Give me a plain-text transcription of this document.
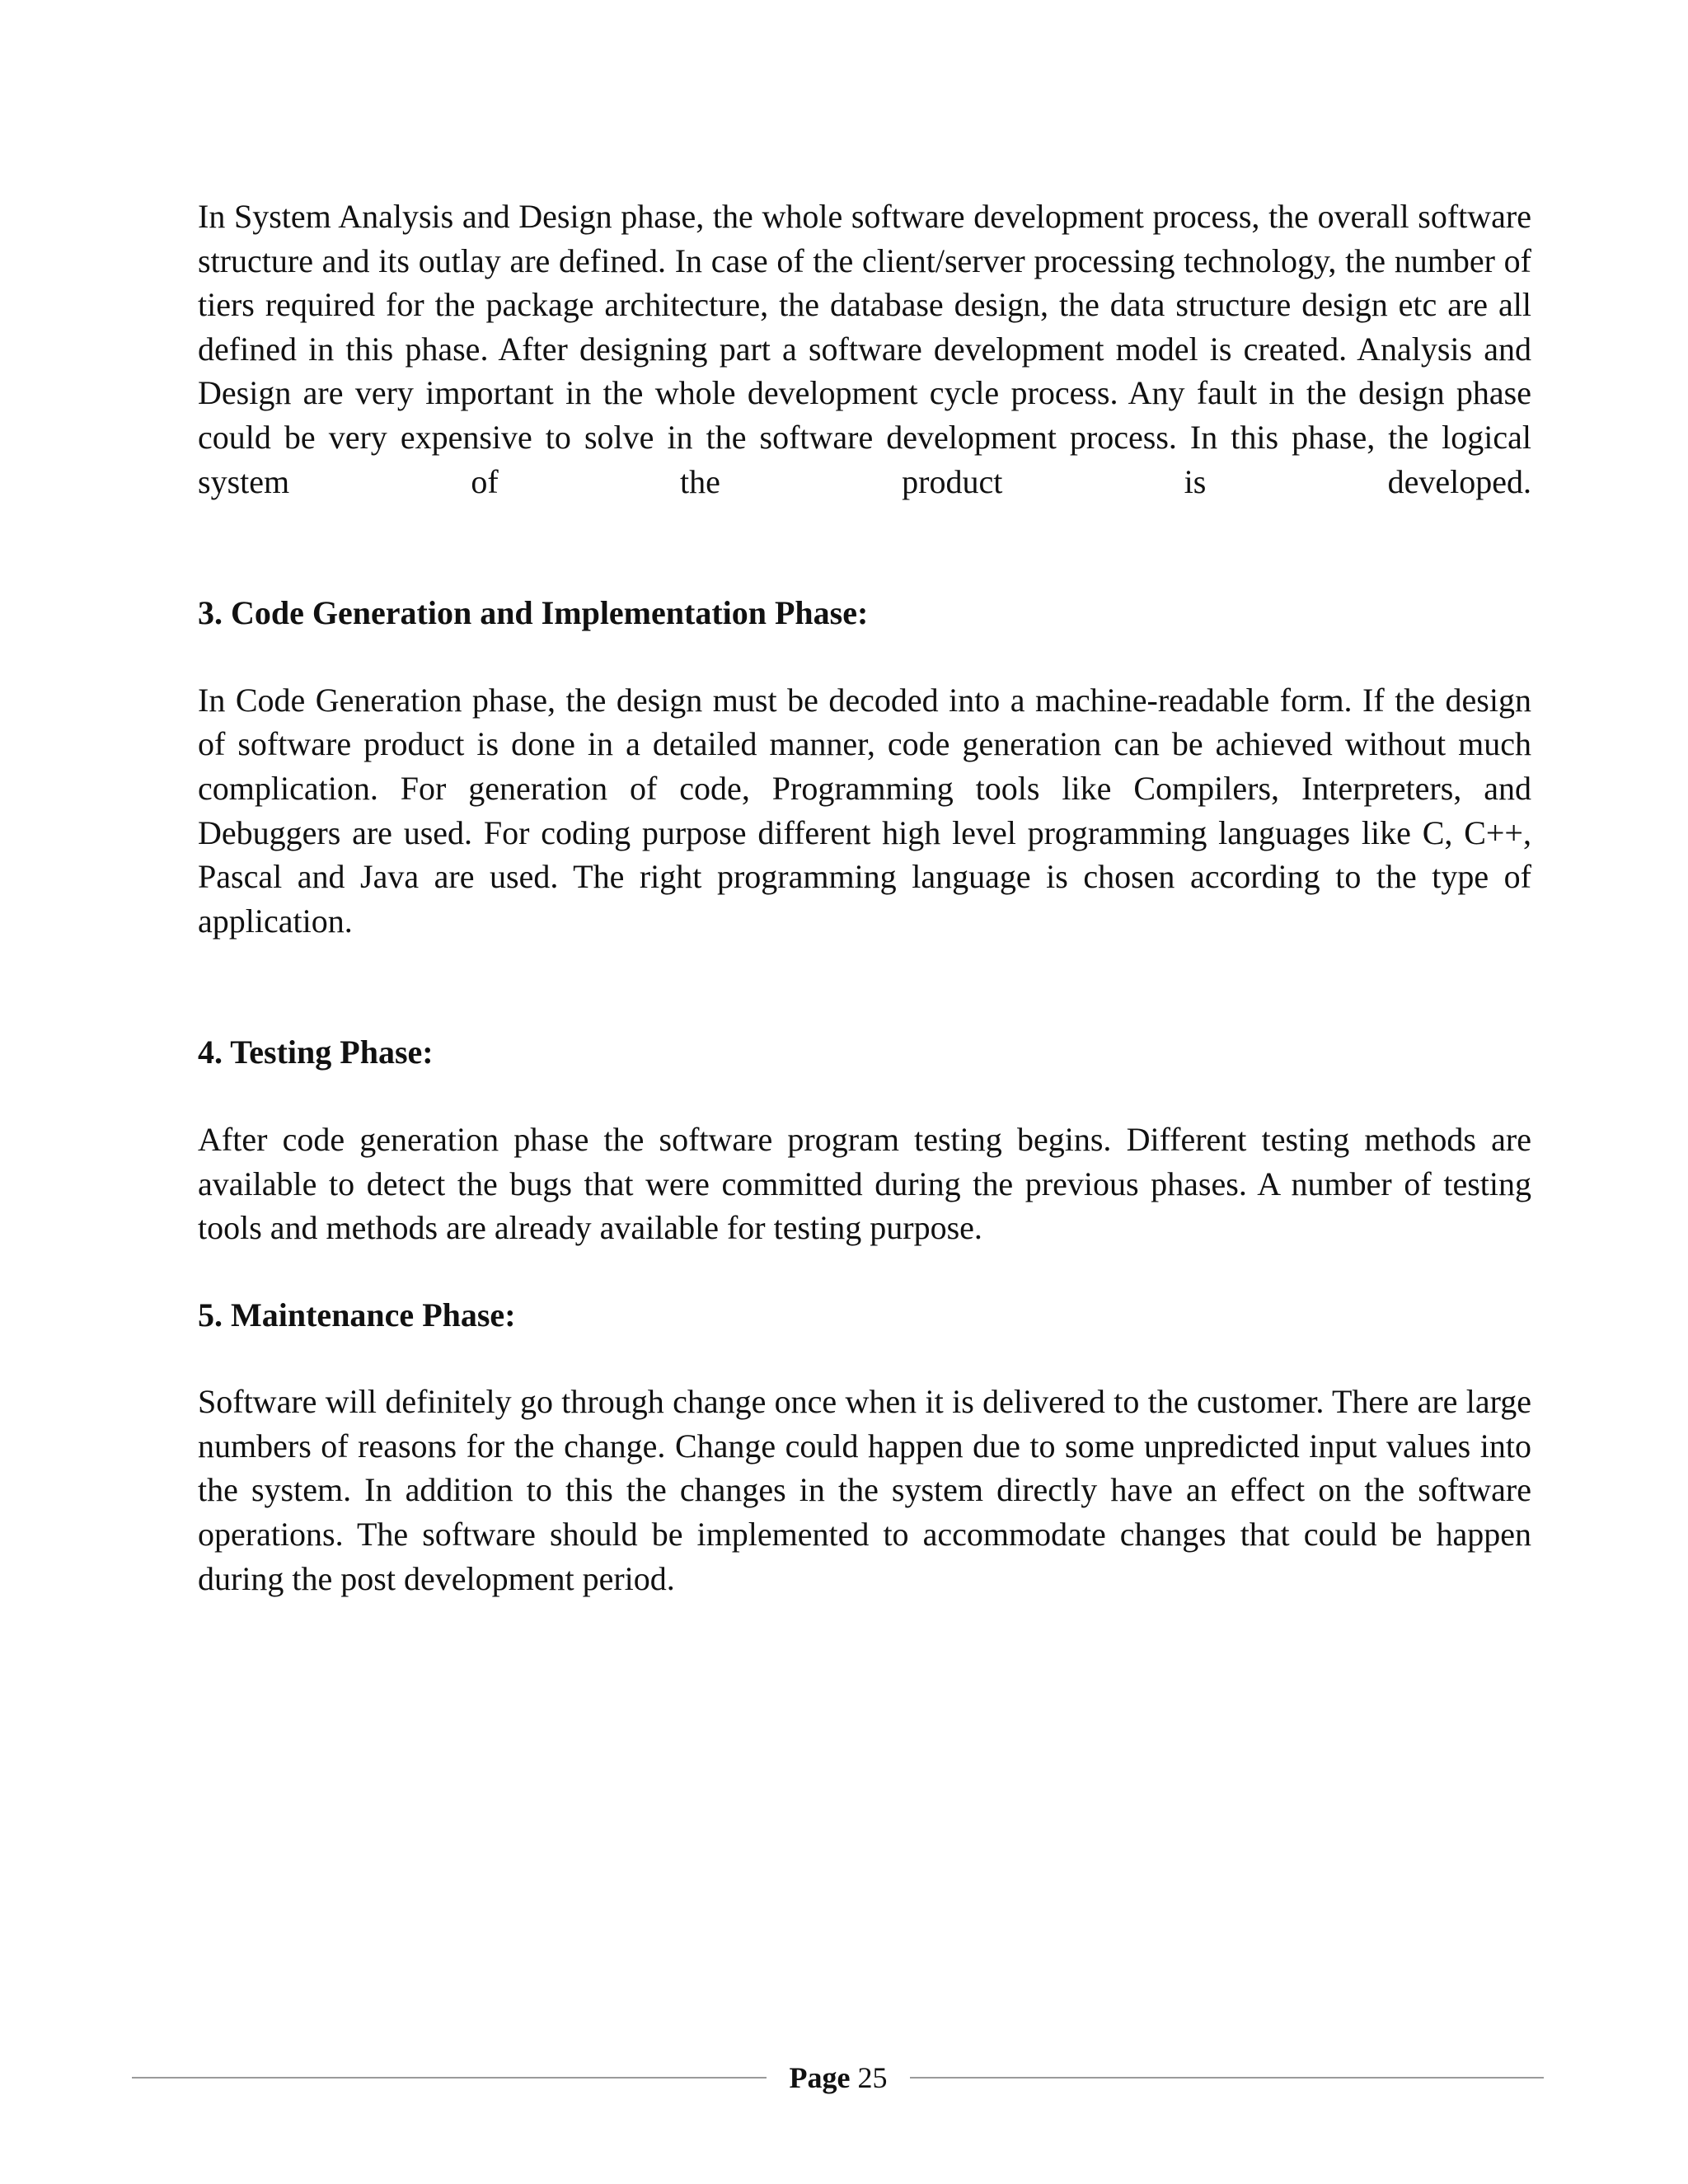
In System Analysis and Design phase, the whole software development process, the overall software structure and its outlay are defined. In case of the client/server processing technology, the number of tiers required for the package architecture, the database design, the data structure design etc are all defined in this phase. After designing part a software development model is created. Analysis and Design are very important in the whole development cycle process. Any fault in the design phase could be very expensive to solve in the software development process. In this phase, the logical system of the product is developed.

3. Code Generation and Implementation Phase:

In Code Generation phase, the design must be decoded into a machine-readable form. If the design of software product is done in a detailed manner, code generation can be achieved without much complication. For generation of code, Programming tools like Compilers, Interpreters, and Debuggers are used. For coding purpose different high level programming languages like C, C++, Pascal and Java are used. The right programming language is chosen according to the type of application.

4. Testing Phase:

After code generation phase the software program testing begins. Different testing methods are available to detect the bugs that were committed during the previous phases. A number of testing tools and methods are already available for testing purpose.

5. Maintenance Phase:

Software will definitely go through change once when it is delivered to the customer. There are large numbers of reasons for the change. Change could happen due to some unpredicted input values into the system. In addition to this the changes in the system directly have an effect on the software operations. The software should be implemented to accommodate changes that could be happen during the post development period.

Page 25
